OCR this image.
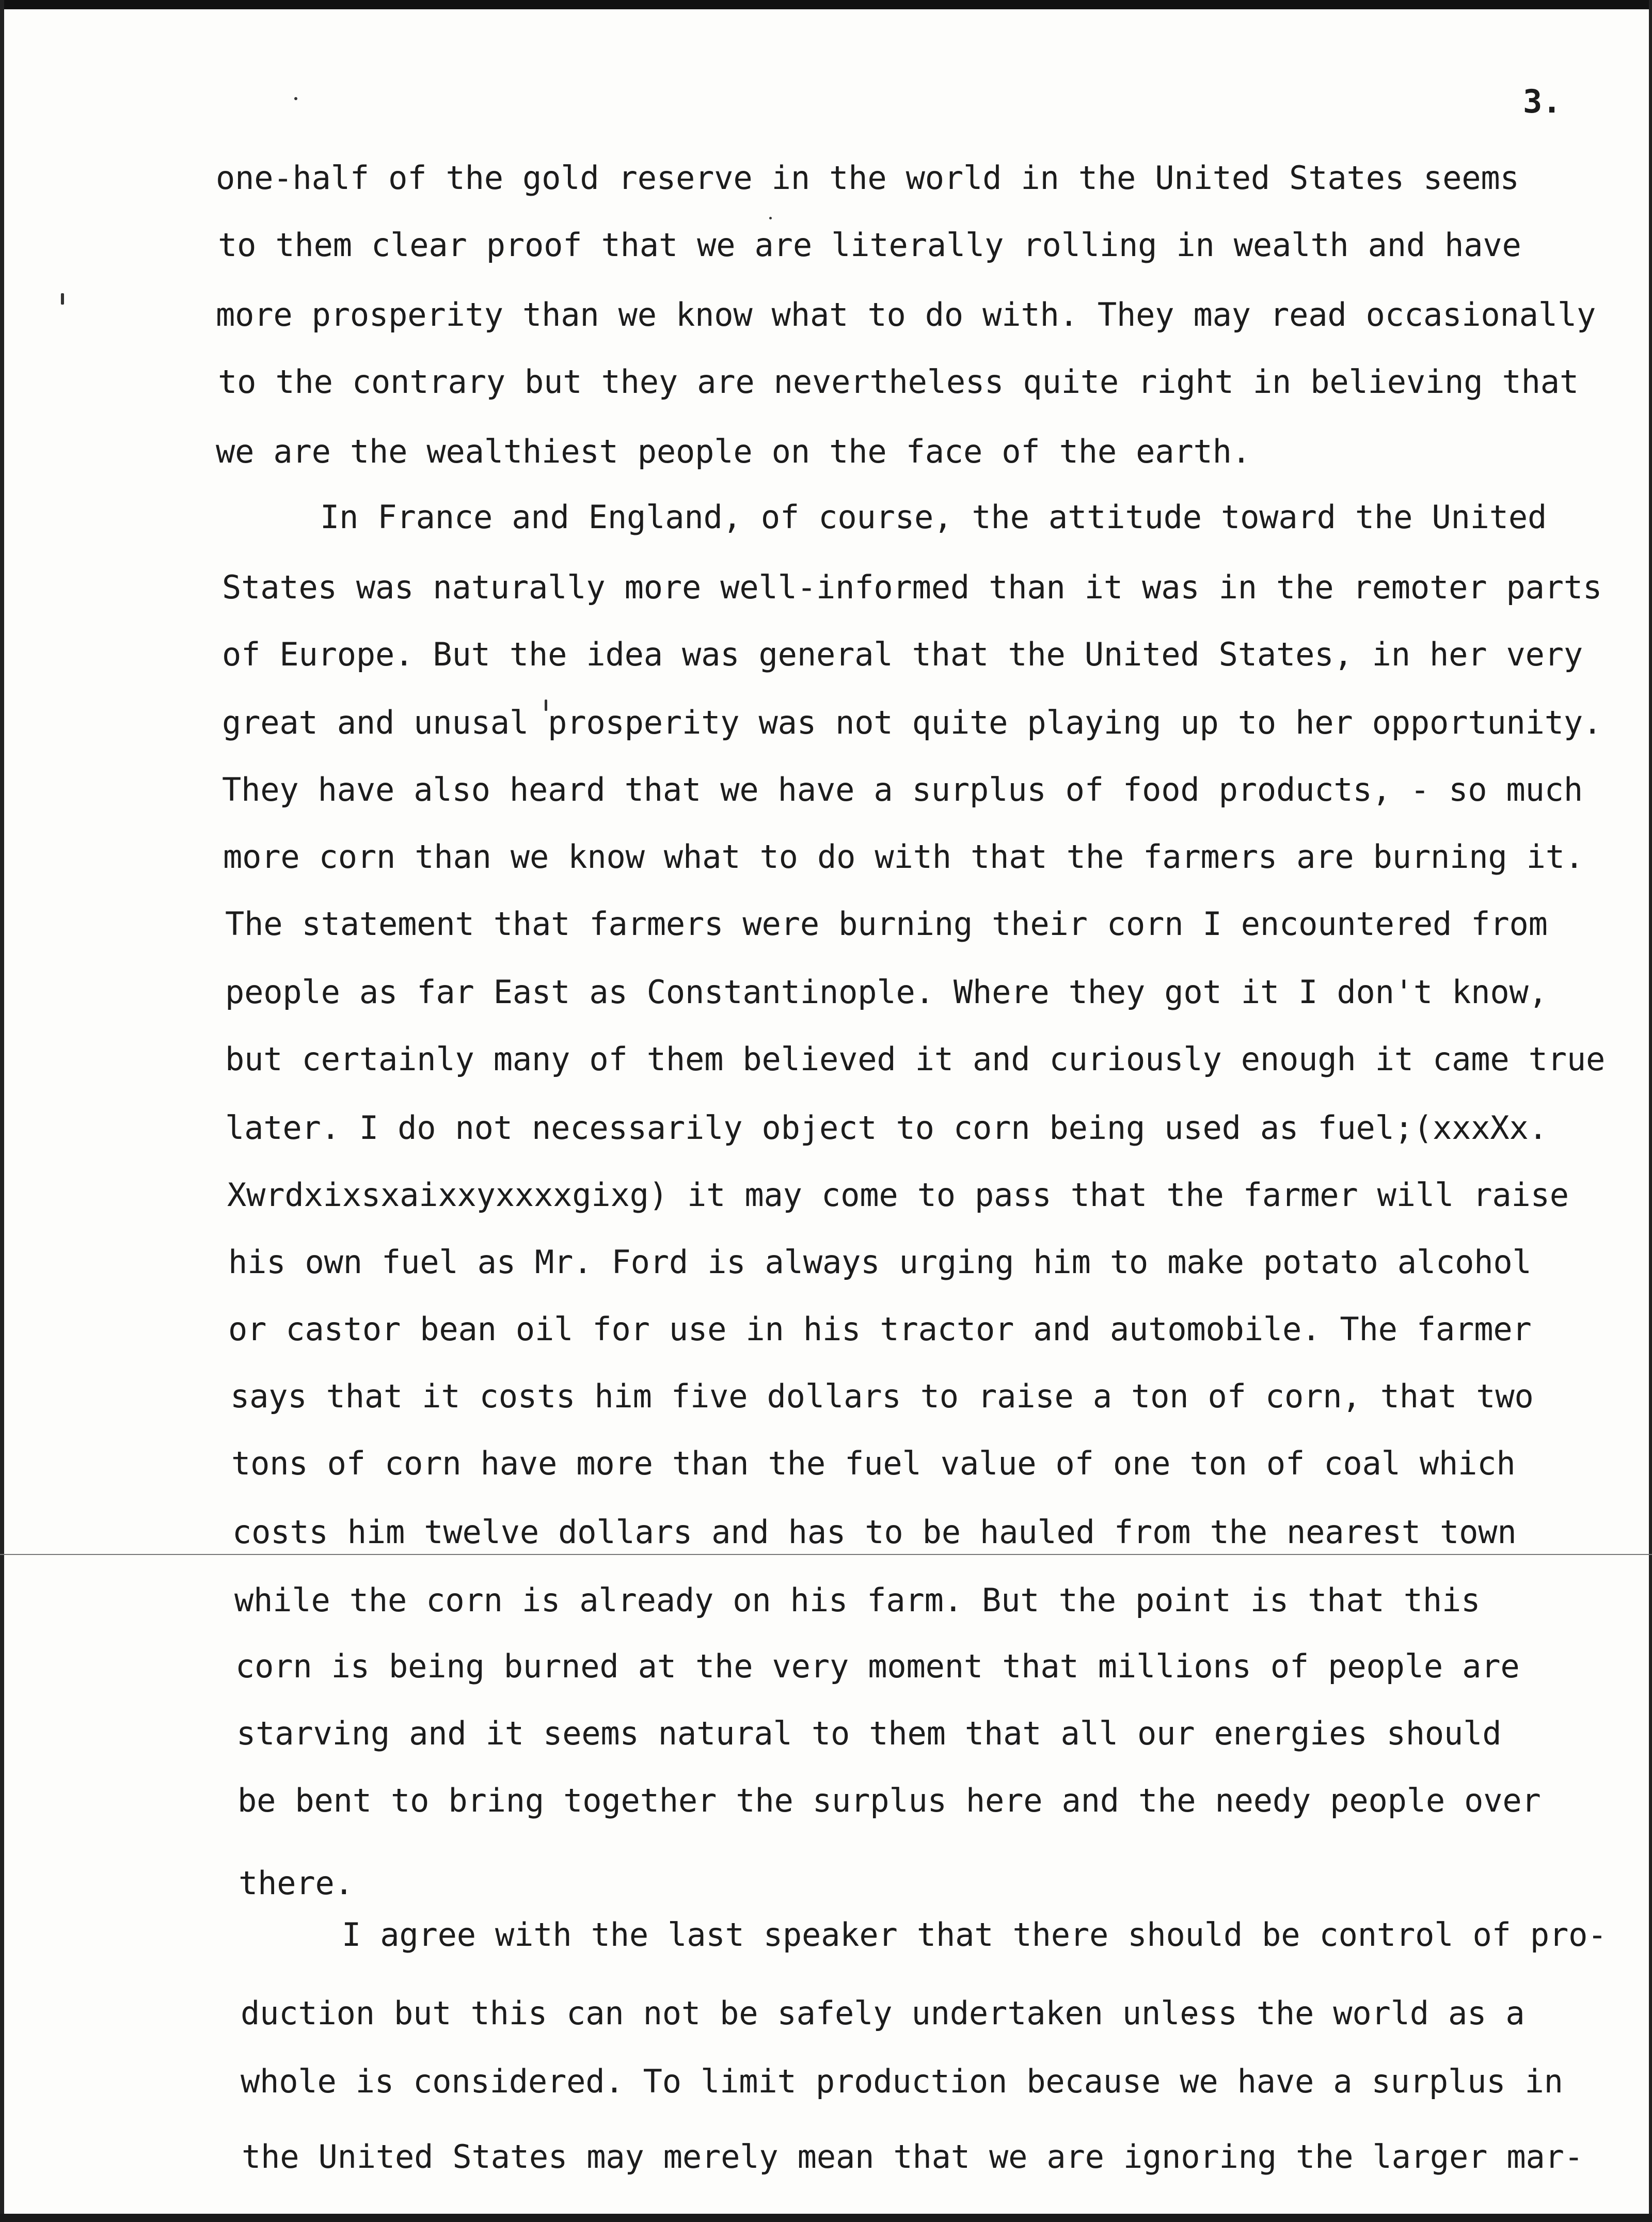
3.
one-half of the gold reserve in the world in the United States seems
to them clear proof that we are literally rolling in wealth and have
more prosperity than we know what to do with. They may read occasionally
to the contrary but they are nevertheless quite right in believing that
we are the wealthiest people on the face of the earth.
In France and England, of course, the attitude toward the United
States was naturally more well-informed than it was in the remoter parts
of Europe. But the idea was general that the United States, in her very
great and unusal prosperity was not quite playing up to her opportunity.
They have also heard that we have a surplus of food products, - so much
more corn than we know what to do with that the farmers are burning it.
The statement that farmers were burning their corn I encountered from
people as far East as Constantinople. Where they got it I don't know,
but certainly many of them believed it and curiously enough it came true
later. I do not necessarily object to corn being used as fuel;(xxxXx.
Xwrdxixsxaixxyxxxxgixg) it may come to pass that the farmer will raise
his own fuel as Mr. Ford is always urging him to make potato alcohol
or castor bean oil for use in his tractor and automobile. The farmer
says that it costs him five dollars to raise a ton of corn, that two
tons of corn have more than the fuel value of one ton of coal which
costs him twelve dollars and has to be hauled from the nearest town
while the corn is already on his farm. But the point is that this
corn is being burned at the very moment that millions of people are
starving and it seems natural to them that all our energies should
be bent to bring together the surplus here and the needy people over
there.
I agree with the last speaker that there should be control of pro-
duction but this can not be safely undertaken unless the world as a
whole is considered. To limit production because we have a surplus in
the United States may merely mean that we are ignoring the larger mar-
